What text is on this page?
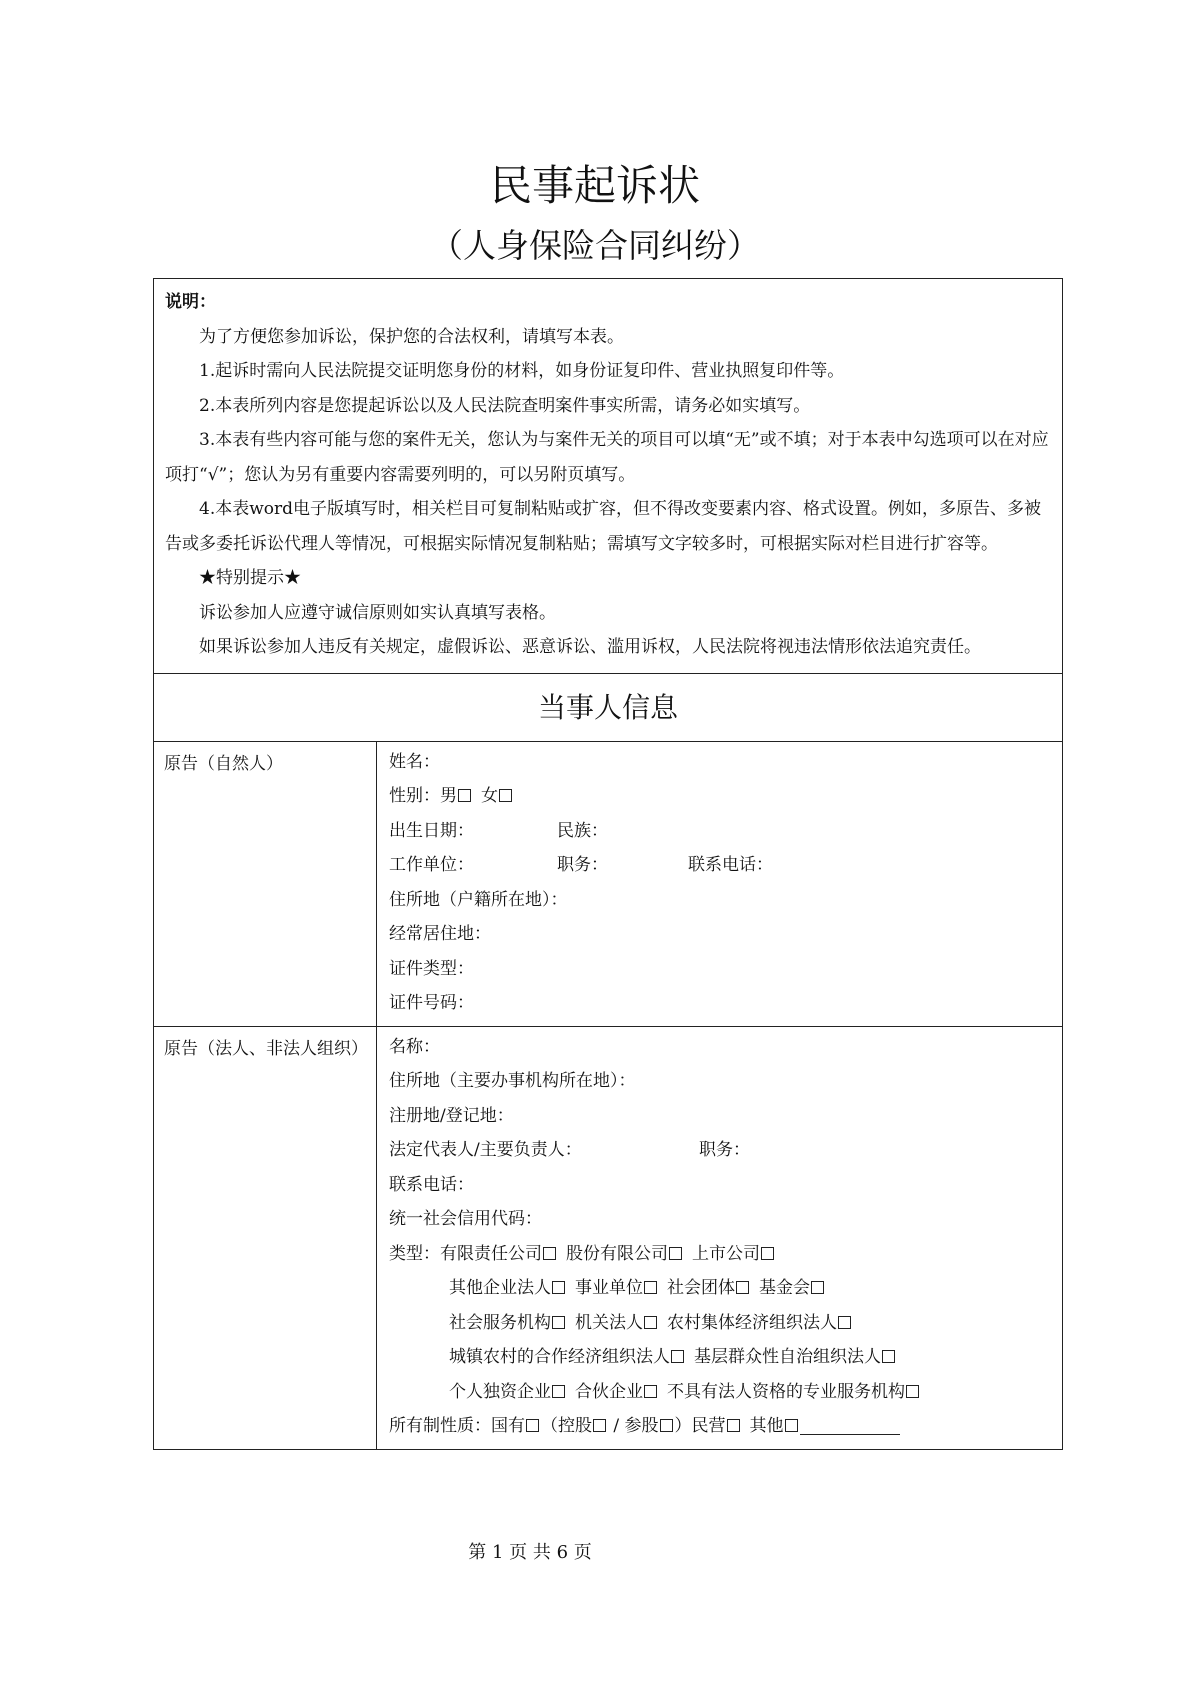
民事起诉状
（人身保险合同纠纷）
说明：

为了方便您参加诉讼，保护您的合法权利，请填写本表。

1.起诉时需向人民法院提交证明您身份的材料，如身份证复印件、营业执照复印件等。

2.本表所列内容是您提起诉讼以及人民法院查明案件事实所需，请务必如实填写。

3.本表有些内容可能与您的案件无关，您认为与案件无关的项目可以填“无”或不填；对于本表中勾选项可以在对应项打“√”；您认为另有重要内容需要列明的，可以另附页填写。

4.本表word电子版填写时，相关栏目可复制粘贴或扩容，但不得改变要素内容、格式设置。例如，多原告、多被告或多委托诉讼代理人等情况，可根据实际情况复制粘贴；需填写文字较多时，可根据实际对栏目进行扩容等。

★特别提示★

诉讼参加人应遵守诚信原则如实认真填写表格。

如果诉讼参加人违反有关规定，虚假诉讼、恶意诉讼、滥用诉权，人民法院将视违法情形依法追究责任。

当事人信息
原告（自然人）	姓名：
性别：男 女
出生日期：	民族：
工作单位：	职务：	联系电话：
住所地（户籍所在地）：
经常居住地：
证件类型：
证件号码：
原告（法人、非法人组织）	名称：
住所地（主要办事机构所在地）：
注册地/登记地：
法定代表人/主要负责人：	职务：
联系电话：
统一社会信用代码：
类型：有限责任公司 股份有限公司 上市公司
其他企业法人 事业单位 社会团体 基金会
社会服务机构 机关法人 农村集体经济组织法人
城镇农村的合作经济组织法人 基层群众性自治组织法人
个人独资企业 合伙企业 不具有法人资格的专业服务机构
所有制性质：国有 （控股 / 参股 ）民营 其他
第 1 页 共 6 页
